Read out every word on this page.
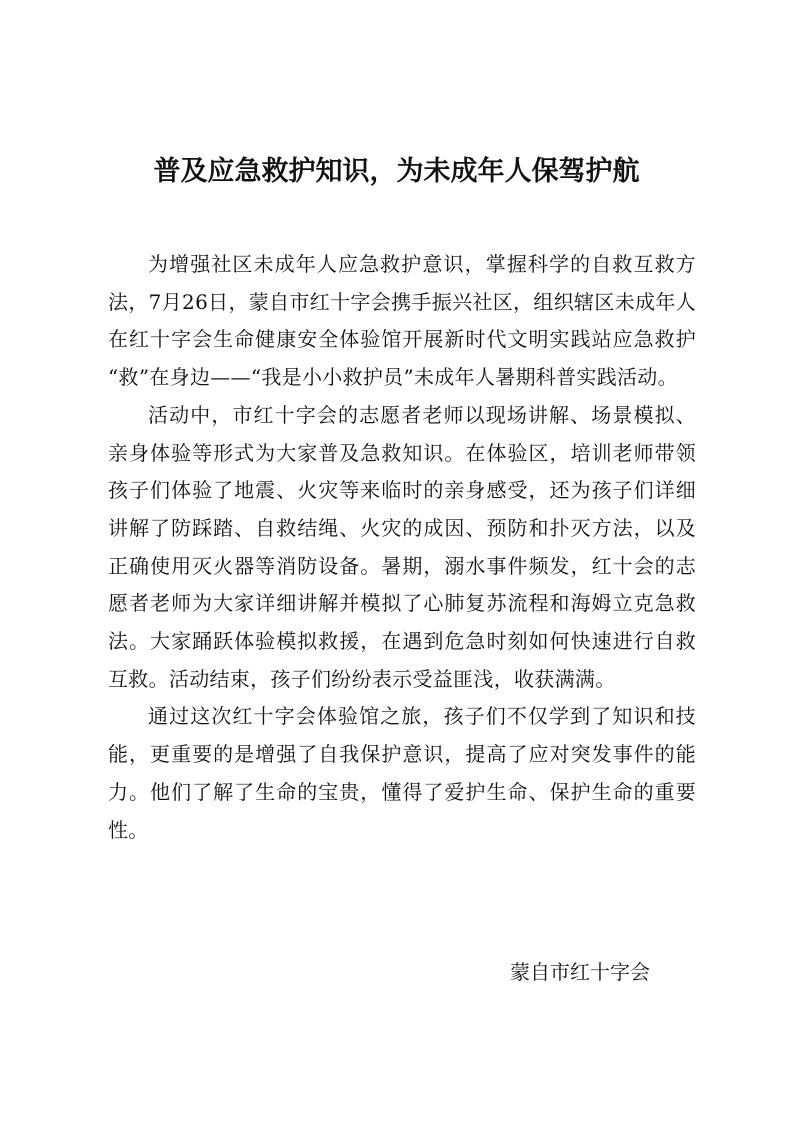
普及应急救护知识，为未成年人保驾护航

为增强社区未成年人应急救护意识，掌握科学的自救互救方法，7月26日，蒙自市红十字会携手振兴社区，组织辖区未成年人在红十字会生命健康安全体验馆开展新时代文明实践站应急救护 “救”在身边——“我是小小救护员”未成年人暑期科普实践活动。

活动中，市红十字会的志愿者老师以现场讲解、场景模拟、亲身体验等形式为大家普及急救知识。在体验区，培训老师带领孩子们体验了地震、火灾等来临时的亲身感受，还为孩子们详细讲解了防踩踏、自救结绳、火灾的成因、预防和扑灭方法，以及正确使用灭火器等消防设备。暑期，溺水事件频发，红十会的志愿者老师为大家详细讲解并模拟了心肺复苏流程和海姆立克急救法。大家踊跃体验模拟救援，在遇到危急时刻如何快速进行自救互救。活动结束，孩子们纷纷表示受益匪浅，收获满满。

通过这次红十字会体验馆之旅，孩子们不仅学到了知识和技能，更重要的是增强了自我保护意识，提高了应对突发事件的能力。他们了解了生命的宝贵，懂得了爱护生命、保护生命的重要性。

蒙自市红十字会
